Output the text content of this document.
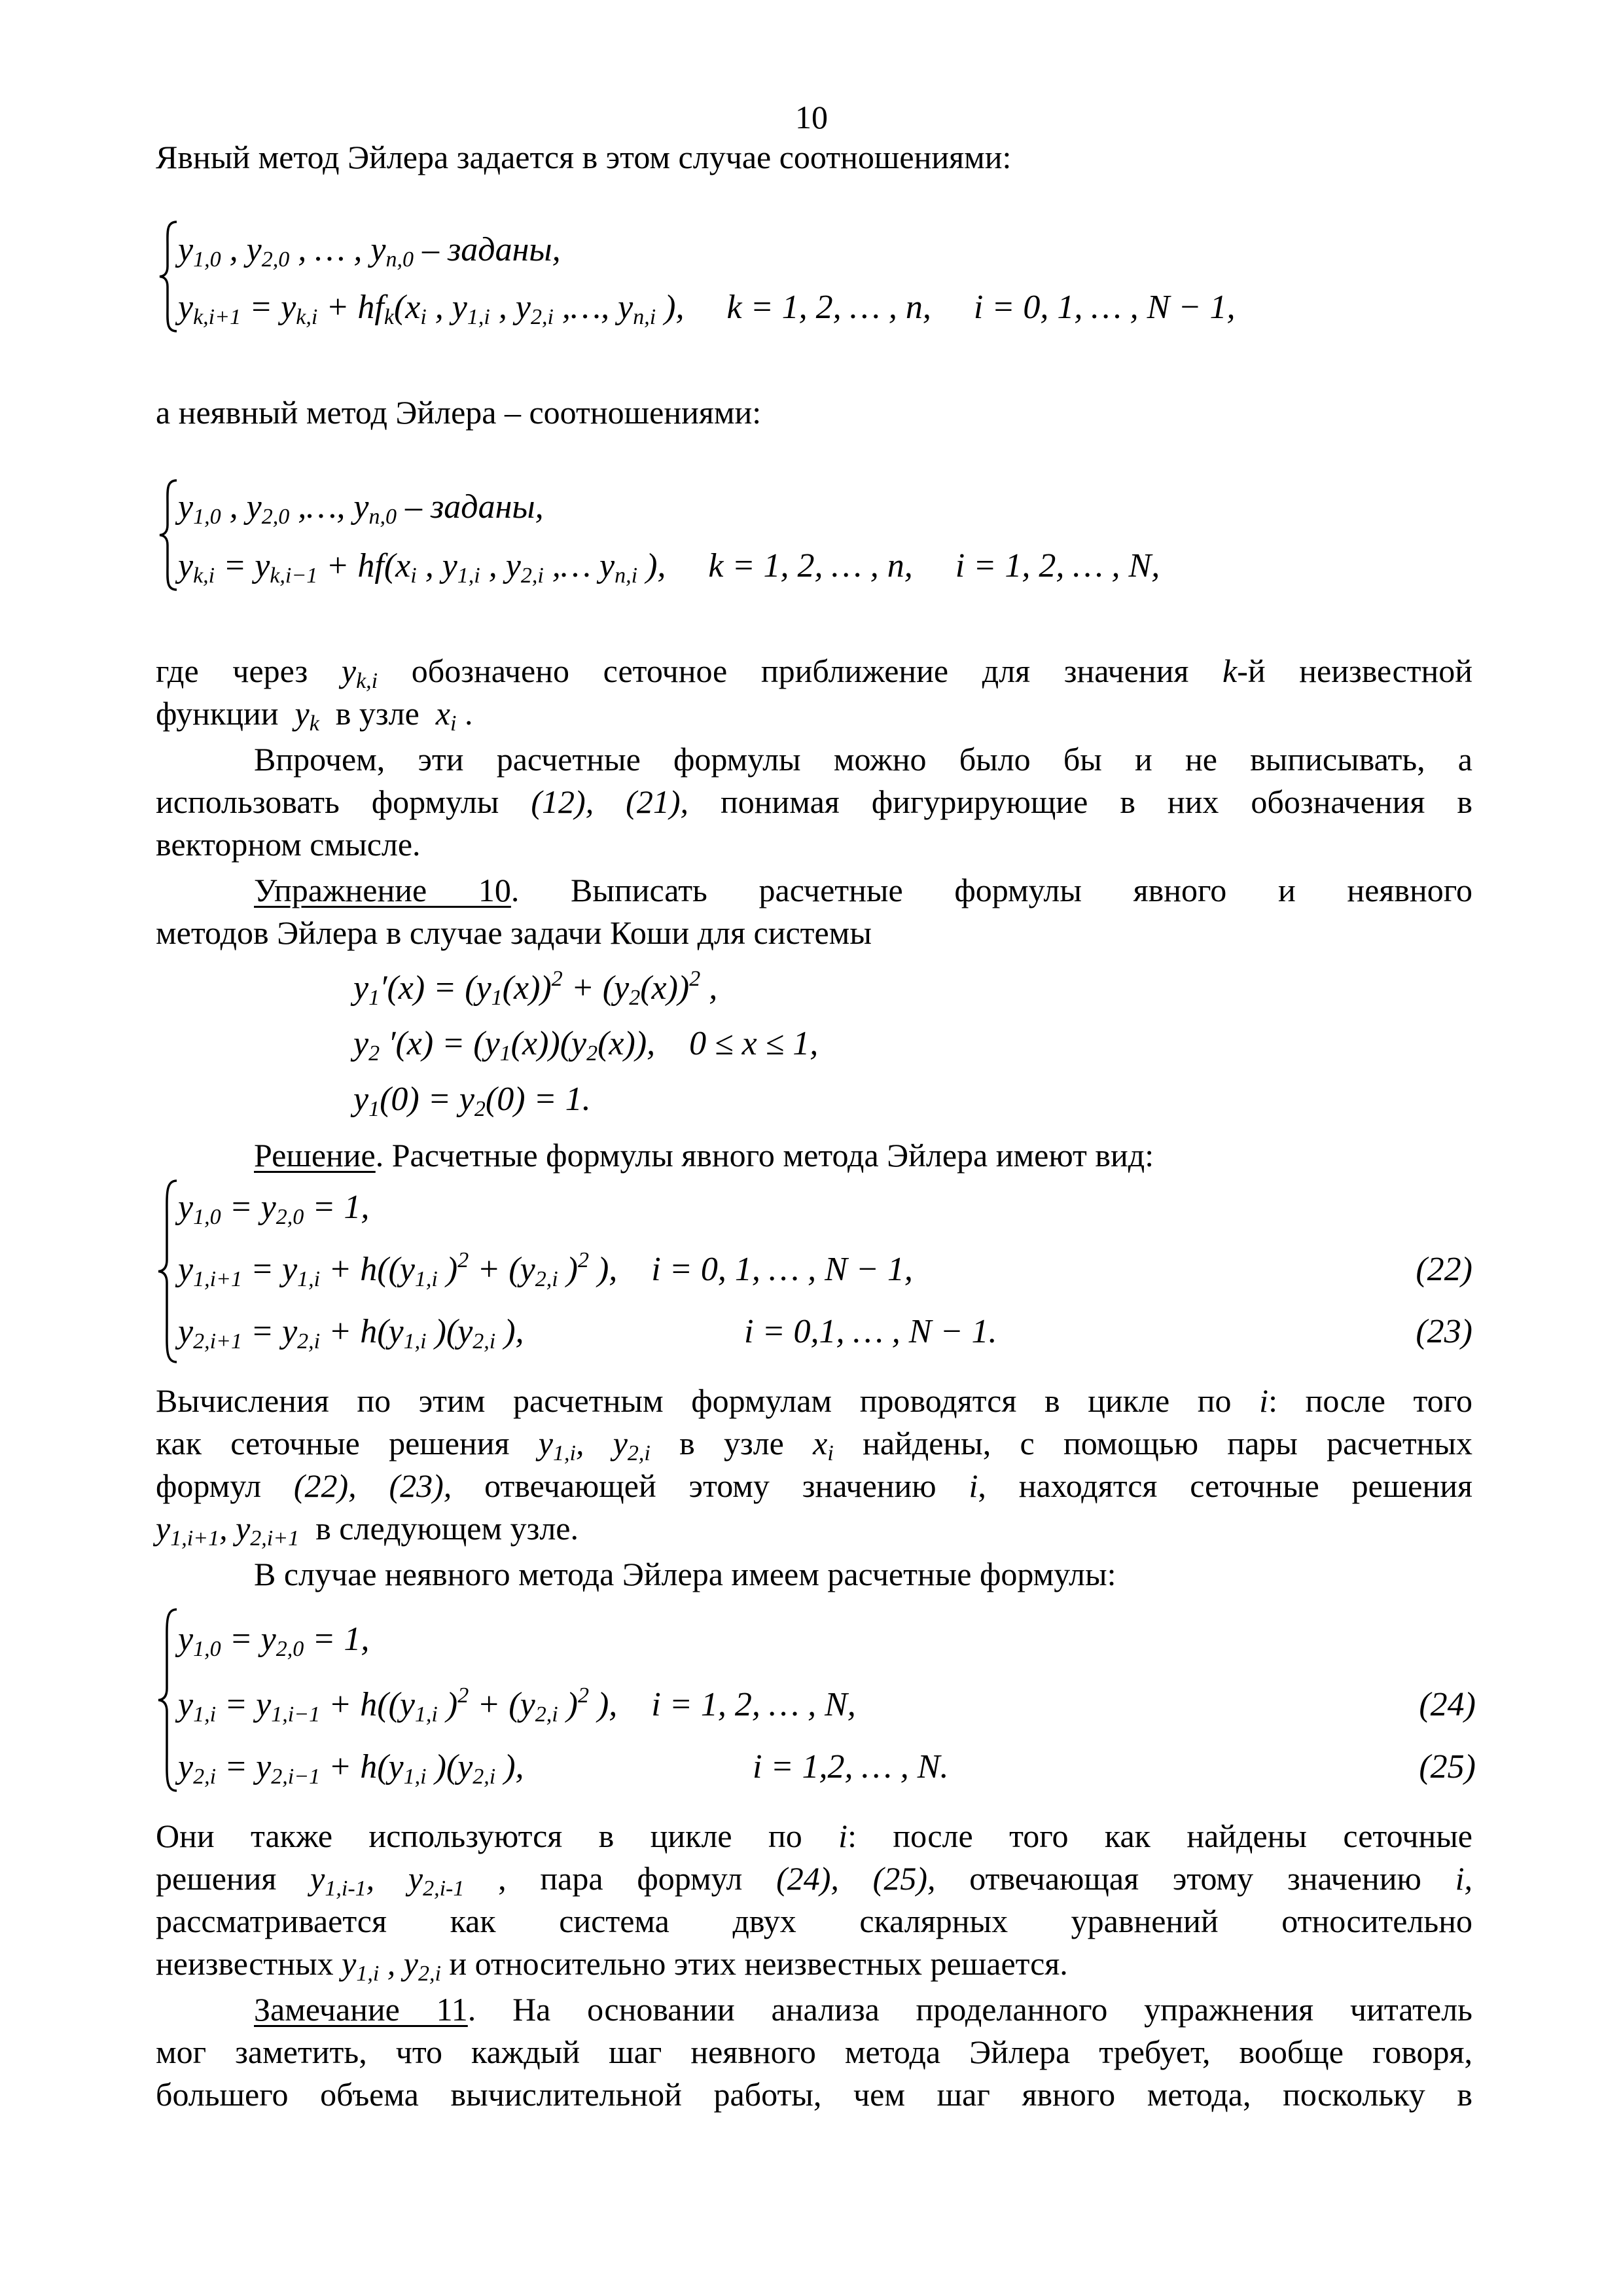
10
Явный метод Эйлера задается в этом случае соотношениями:
$y_{1,0}$ , $y_{2,0}$ , … , $y_{n,0}$ – заданы,
$y_{k,i+1} = y_{k,i} + hf_k(x_i$ , $y_{1,i}$ , $y_{2,i}$ ,…, $y_{n,i}$ ),     k = 1, 2, … , n,     i = 0, 1, … , N − 1,
а неявный метод Эйлера – соотношениями:
$y_{1,0}$ , $y_{2,0}$ ,…, $y_{n,0}$ – заданы,
$y_{k,i} = y_{k,i-1} + hf(x_i$ , $y_{1,i}$ , $y_{2,i}$ ,… $y_{n,i}$ ),     k = 1, 2, … , n,     i = 1, 2, … , N,
где через $y_{k,i}$ обозначено сеточное приближение для значения k-й неизвестной
функции $y_k$ в узле $x_i$ .
Впрочем, эти расчетные формулы можно было бы и не выписывать, а
использовать формулы (12), (21), понимая фигурирующие в них обозначения в
векторном смысле.
Упражнение 10. Выписать расчетные формулы явного и неявного
методов Эйлера в случае задачи Коши для системы
$y_1'(x) = (y_1(x))^2 + (y_2(x))^2$ ,
$y_2$ $'(x) = (y_1(x))(y_2(x))$,    0 ≤ x ≤ 1,
$y_1(0) = y_2(0) = 1$.
Решение. Расчетные формулы явного метода Эйлера имеют вид:
$y_{1,0} = y_{2,0} = 1$,
$y_{1,i+1} = y_{1,i} + h((y_{1,i}$ )$^2 + (y_{2,i}$ )$^2$ ),    i = 0, 1, … , N − 1,	(22)
$y_{2,i+1} = y_{2,i} + h(y_{1,i}$ )($y_{2,i}$ ),	i = 0,1, … , N − 1.	(23)
Вычисления по этим расчетным формулам проводятся в цикле по i: после того
как сеточные решения $y_{1,i}$, $y_{2,i}$ в узле $x_i$ найдены, с помощью пары расчетных
формул (22), (23), отвечающей этому значению i, находятся сеточные решения
$y_{1,i+1}$, $y_{2,i+1}$ в следующем узле.
В случае неявного метода Эйлера имеем расчетные формулы:
$y_{1,0} = y_{2,0} = 1$,
$y_{1,i} = y_{1,i-1} + h((y_{1,i}$ )$^2 + (y_{2,i}$ )$^2$ ),    i = 1, 2, … , N,	(24)
$y_{2,i} = y_{2,i-1} + h(y_{1,i}$ )($y_{2,i}$ ),	i = 1,2, … , N.	(25)
Они также используются в цикле по i: после того как найдены сеточные
решения $y_{1,i-1}$, $y_{2,i-1}$ , пара формул (24), (25), отвечающая этому значению i,
рассматривается как система двух скалярных уравнений относительно
неизвестных $y_{1,i}$ , $y_{2,i}$ и относительно этих неизвестных решается.
Замечание 11. На основании анализа проделанного упражнения читатель
мог заметить, что каждый шаг неявного метода Эйлера требует, вообще говоря,
большего объема вычислительной работы, чем шаг явного метода, поскольку в
